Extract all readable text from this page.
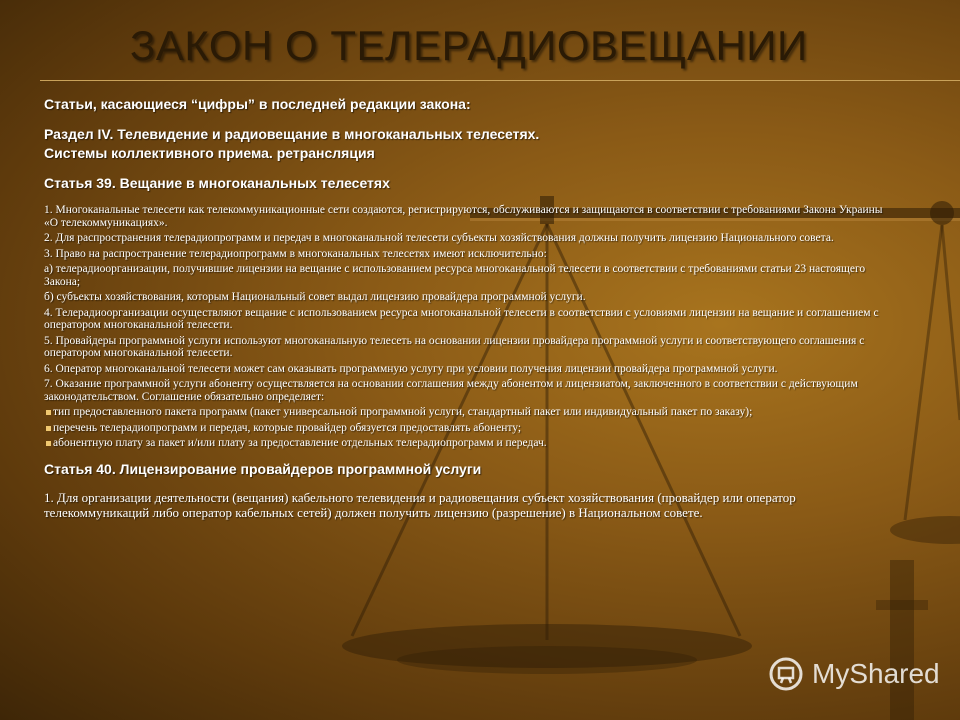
ЗАКОН О ТЕЛЕРАДИОВЕЩАНИИ
Статьи, касающиеся “цифры” в последней редакции закона:
Раздел IV. Телевидение и радиовещание в многоканальных телесетях.
Системы коллективного приема. ретрансляция
Статья 39. Вещание в многоканальных телесетях

1. Многоканальные телесети как телекоммуникационные сети создаются, регистрируются, обслуживаются и защищаются в соответствии с требованиями Закона Украины «О телекоммуникациях».

2. Для распространения телерадиопрограмм и передач в многоканальной телесети субъекты хозяйствования должны получить лицензию Национального совета.

3. Право на распространение телерадиопрограмм в многоканальных телесетях имеют исключительно:

а) телерадиоорганизации, получившие лицензии на вещание с использованием ресурса многоканальной телесети в соответствии с требованиями статьи 23 настоящего Закона;

б) субъекты хозяйствования, которым Национальный совет выдал лицензию провайдера программной услуги.

4. Телерадиоорганизации осуществляют вещание с использованием ресурса многоканальной телесети в соответствии с условиями лицензии на вещание и соглашением с оператором многоканальной телесети.

5. Провайдеры программной услуги используют многоканальную телесеть на основании лицензии провайдера программной услуги и соответствующего соглашения с оператором многоканальной телесети.

6. Оператор многоканальной телесети может сам оказывать программную услугу при условии получения лицензии провайдера программной услуги.

7. Оказание программной услуги абоненту осуществляется на основании соглашения между абонентом и лицензиатом, заключенного в соответствии с действующим законодательством. Соглашение обязательно определяет:

тип предоставленного пакета программ (пакет универсальной программной услуги, стандартный пакет или индивидуальный пакет по заказу);
перечень телерадиопрограмм и передач, которые провайдер обязуется предоставлять абоненту;
абонентную плату за пакет и/или плату за предоставление отдельных телерадиопрограмм и передач.
Статья 40. Лицензирование провайдеров программной услуги

1. Для организации деятельности (вещания) кабельного телевидения и радиовещания субъект хозяйствования (провайдер или оператор телекоммуникаций либо оператор кабельных сетей) должен получить лицензию (разрешение) в Национальном совете.

MyShared
